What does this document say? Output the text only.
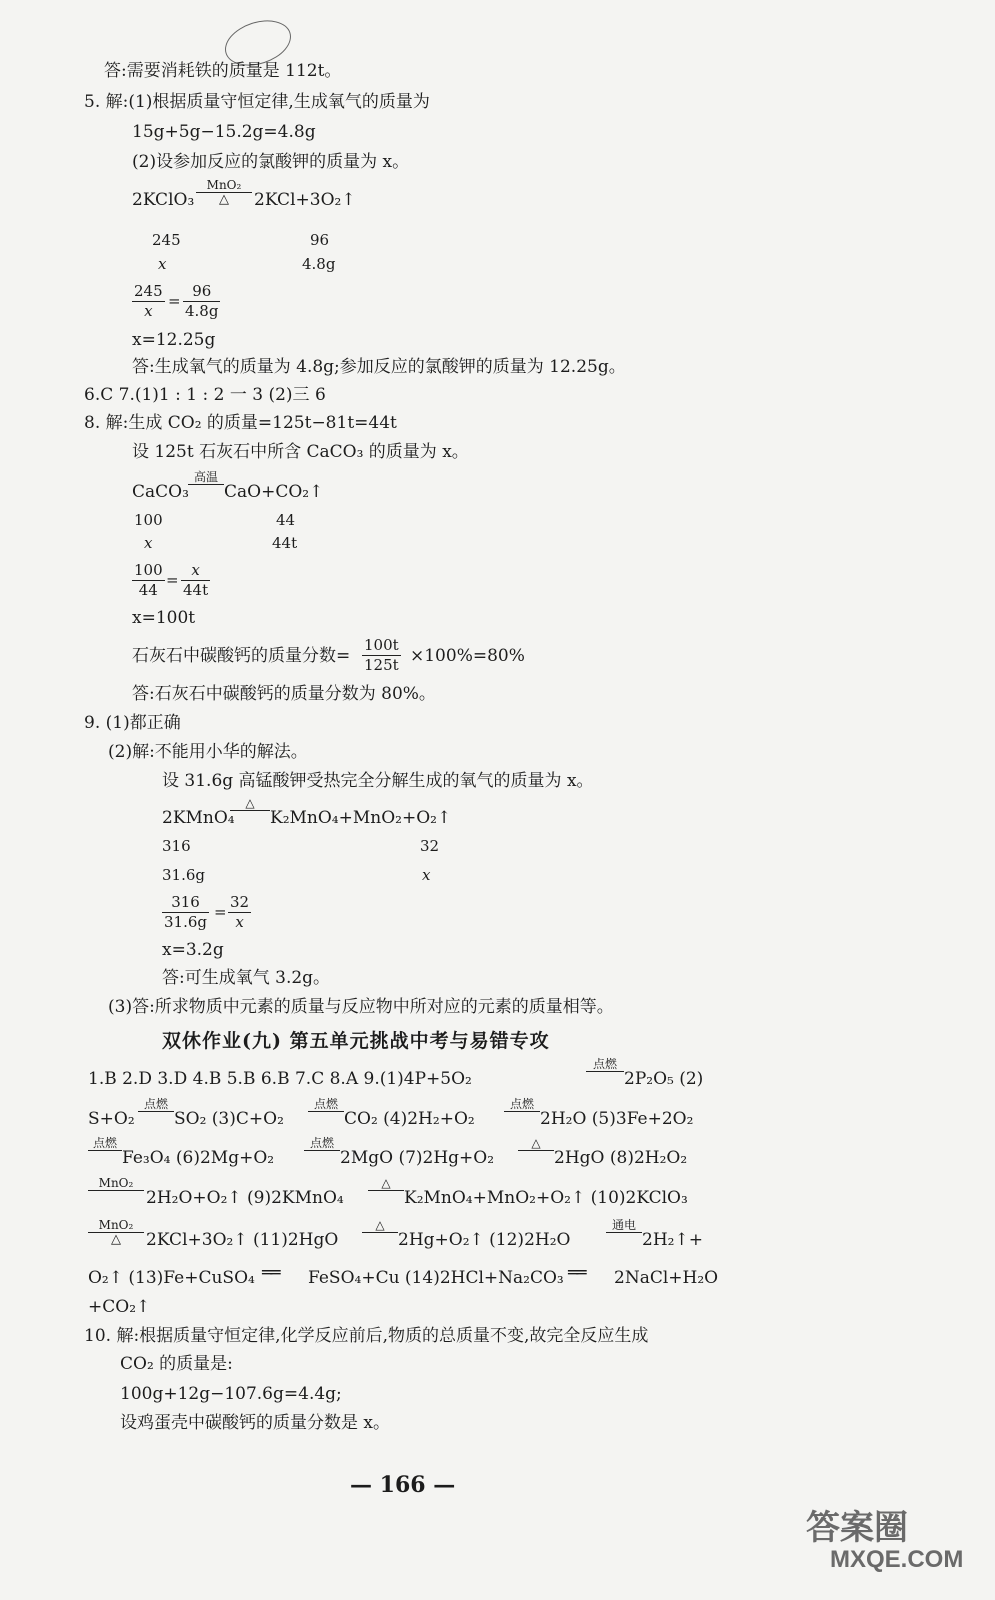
答:需要消耗铁的质量是 112t。
5. 解:(1)根据质量守恒定律,生成氧气的质量为
15g+5g−15.2g=4.8g
(2)设参加反应的氯酸钾的质量为 x。
2KClO₃
MnO₂
△	2KCl+3O₂↑
245	96
x	4.8g
$\frac{245}{x} = \frac{96}{4.8g}$
x=12.25g
答:生成氧气的质量为 4.8g;参加反应的氯酸钾的质量为 12.25g。
6.C 7.(1)1 : 1 : 2 一 3 (2)三 6
8. 解:生成 CO₂ 的质量=125t−81t=44t
设 125t 石灰石中所含 CaCO₃ 的质量为 x。
CaCO₃
高温
CaO+CO₂↑
100	44
x	44t
$\frac{100}{44} = \frac{x}{44t}$
x=100t
石灰石中碳酸钙的质量分数= $\frac{100t}{125t} \times 100\%=80\%$
答:石灰石中碳酸钙的质量分数为 80%。
9. (1)都正确
(2)解:不能用小华的解法。
设 31.6g 高锰酸钾受热完全分解生成的氧气的质量为 x。
2KMnO₄
△
K₂MnO₄+MnO₂+O₂↑
316	32
31.6g	x
$\frac{316}{31.6g} = \frac{32}{x}$
x=3.2g
答:可生成氧气 3.2g。
(3)答:所求物质中元素的质量与反应物中所对应的元素的质量相等。
双休作业(九) 第五单元挑战中考与易错专攻
1.B 2.D 3.D 4.B 5.B 6.B 7.C 8.A 9.(1)4P+5O₂
点燃
2P₂O₅ (2)
S+O₂
点燃
SO₂ (3)C+O₂
点燃
CO₂ (4)2H₂+O₂
点燃
2H₂O (5)3Fe+2O₂
点燃
Fe₃O₄ (6)2Mg+O₂
点燃
2MgO (7)2Hg+O₂
△
2HgO (8)2H₂O₂
MnO₂
2H₂O+O₂↑ (9)2KMnO₄
△
K₂MnO₄+MnO₂+O₂↑ (10)2KClO₃
MnO₂
△	2KCl+3O₂↑ (11)2HgO
△
2Hg+O₂↑ (12)2H₂O
通电
2H₂↑+
O₂↑ (13)Fe+CuSO₄ ══ FeSO₄+Cu (14)2HCl+Na₂CO₃ ══ 2NaCl+H₂O
+CO₂↑
10. 解:根据质量守恒定律,化学反应前后,物质的总质量不变,故完全反应生成
CO₂ 的质量是:
100g+12g−107.6g=4.4g;
设鸡蛋壳中碳酸钙的质量分数是 x。
— 166 —
答案圈
MXQE.COM
